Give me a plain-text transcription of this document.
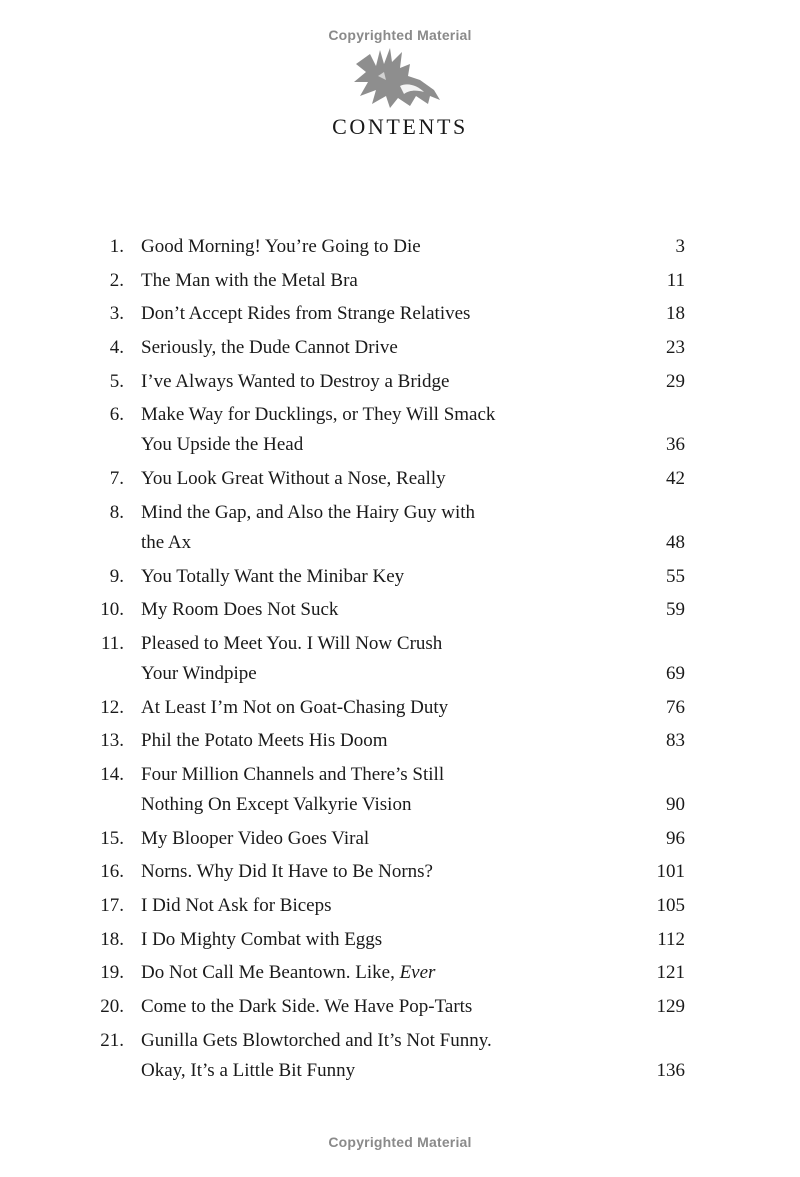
Copyrighted Material
CONTENTS
1. Good Morning! You’re Going to Die	3
2. The Man with the Metal Bra	11
3. Don’t Accept Rides from Strange Relatives	18
4. Seriously, the Dude Cannot Drive	23
5. I’ve Always Wanted to Destroy a Bridge	29
6. Make Way for Ducklings, or They Will Smack
You Upside the Head	36
7. You Look Great Without a Nose, Really	42
8. Mind the Gap, and Also the Hairy Guy with
the Ax	48
9. You Totally Want the Minibar Key	55
10. My Room Does Not Suck	59
11. Pleased to Meet You. I Will Now Crush
Your Windpipe	69
12. At Least I’m Not on Goat-Chasing Duty	76
13. Phil the Potato Meets His Doom	83
14. Four Million Channels and There’s Still
Nothing On Except Valkyrie Vision	90
15. My Blooper Video Goes Viral	96
16. Norns. Why Did It Have to Be Norns?	101
17. I Did Not Ask for Biceps	105
18. I Do Mighty Combat with Eggs	112
19. Do Not Call Me Beantown. Like, Ever	121
20. Come to the Dark Side. We Have Pop-Tarts	129
21. Gunilla Gets Blowtorched and It’s Not Funny.
Okay, It’s a Little Bit Funny	136
Copyrighted Material
